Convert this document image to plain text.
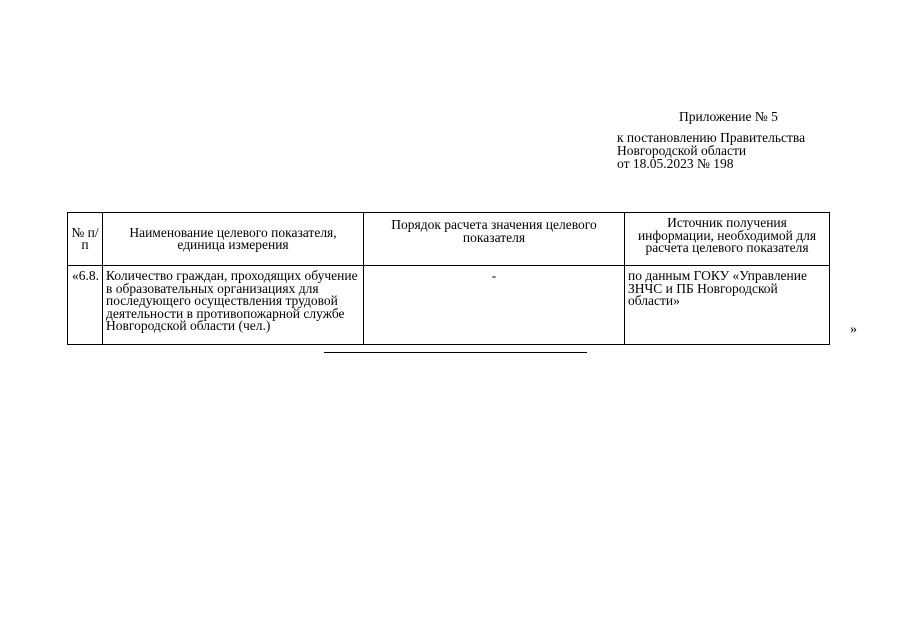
Приложение № 5
к постановлению Правительства
Новгородской области
от 18.05.2023 № 198
№ п/п	Наименование целевого показателя, единица измерения	Порядок расчета значения целевого показателя	Источник получения информации, необходимой для расчета целевого показателя
«6.8.	Количество граждан, проходящих обучение в образовательных организациях для последующего осуществления трудовой деятельности в противопожарной службе Новгородской области (чел.)	-	по данным ГОКУ «Управление ЗНЧС и ПБ Новгородской области»
»
